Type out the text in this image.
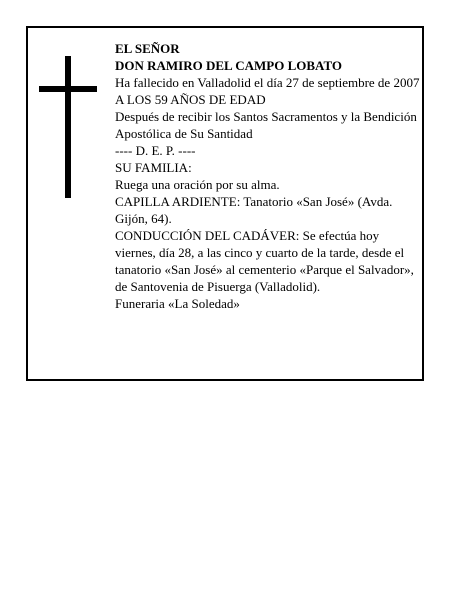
EL SEÑOR

DON RAMIRO DEL CAMPO LOBATO

Ha fallecido en Valladolid el día 27 de septiembre de 2007

A LOS 59 AÑOS DE EDAD

Después de recibir los Santos Sacramentos y la Bendición Apostólica de Su Santidad

---- D. E. P. ----

SU FAMILIA:

Ruega una oración por su alma.

CAPILLA ARDIENTE: Tanatorio «San José» (Avda. Gijón, 64).

CONDUCCIÓN DEL CADÁVER: Se efectúa hoy viernes, día 28, a las cinco y cuarto de la tarde, desde el tanatorio «San José» al cementerio «Parque el Salvador», de Santovenia de Pisuerga (Valladolid).

Funeraria «La Soledad»
